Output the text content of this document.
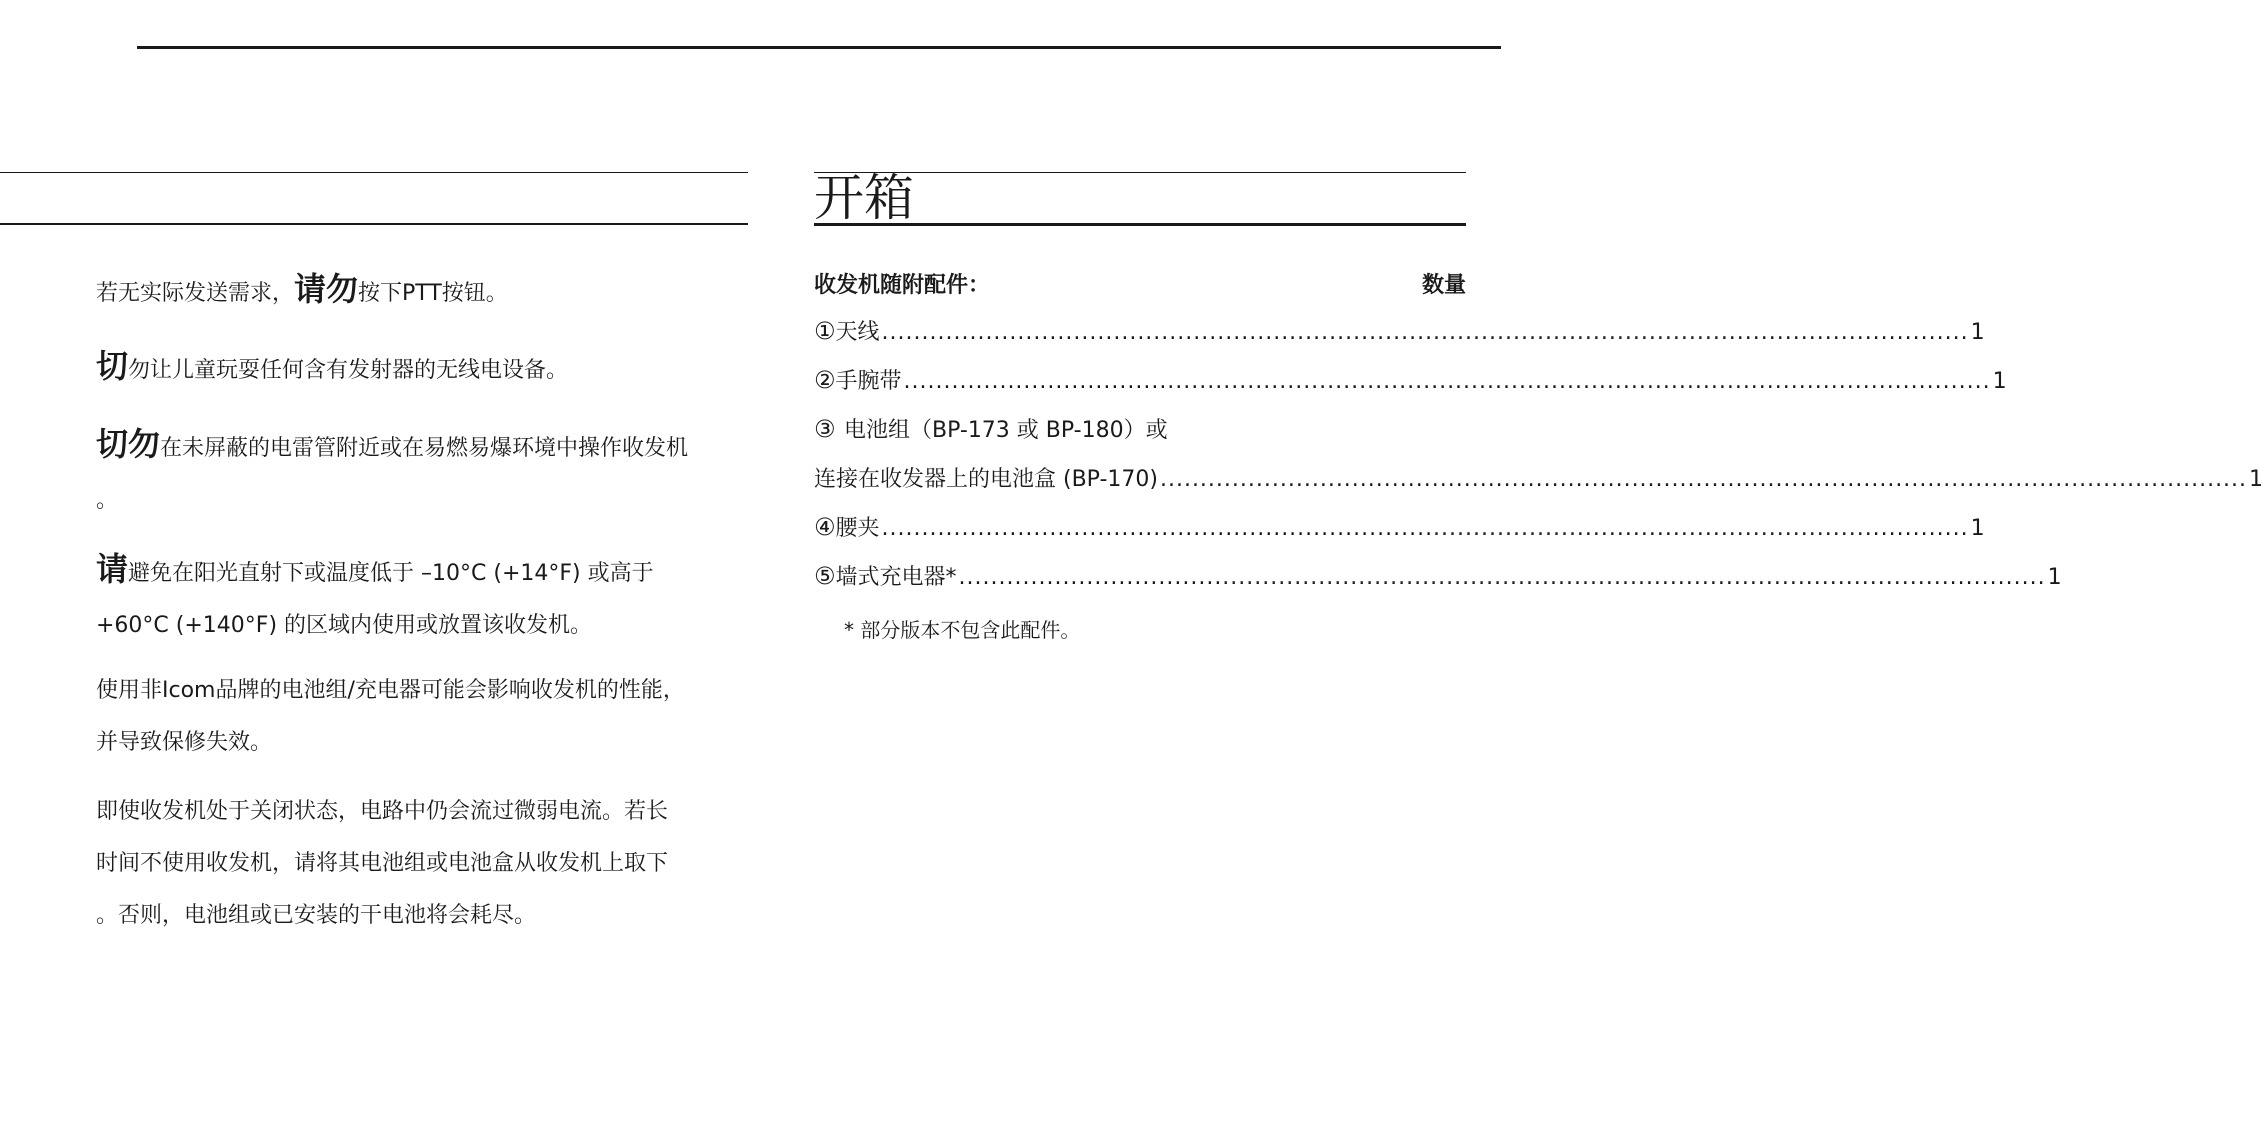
若无实际发送需求，请勿按下PTT按钮。
切勿让儿童玩耍任何含有发射器的无线电设备。
切勿在未屏蔽的电雷管附近或在易燃易爆环境中操作收发机
。
请避免在阳光直射下或温度低于 –10°C (+14°F) 或高于
+60°C (+140°F) 的区域内使用或放置该收发机。
使用非Icom品牌的电池组/充电器可能会影响收发机的性能，
并导致保修失效。
即使收发机处于关闭状态，电路中仍会流过微弱电流。若长
时间不使用收发机，请将其电池组或电池盒从收发机上取下
。否则，电池组或已安装的干电池将会耗尽。
开箱
收发机随附配件：	数量
① 天线 ........................................................................................................................................ 1
② 手腕带 ........................................................................................................................................ 1
③ 电池组（BP-173 或 BP-180）或
连接在收发器上的电池盒 (BP-170) ........................................................................................................................................ 1
④ 腰夹 ........................................................................................................................................ 1
⑤ 墙式充电器* ........................................................................................................................................ 1
* 部分版本不包含此配件。
